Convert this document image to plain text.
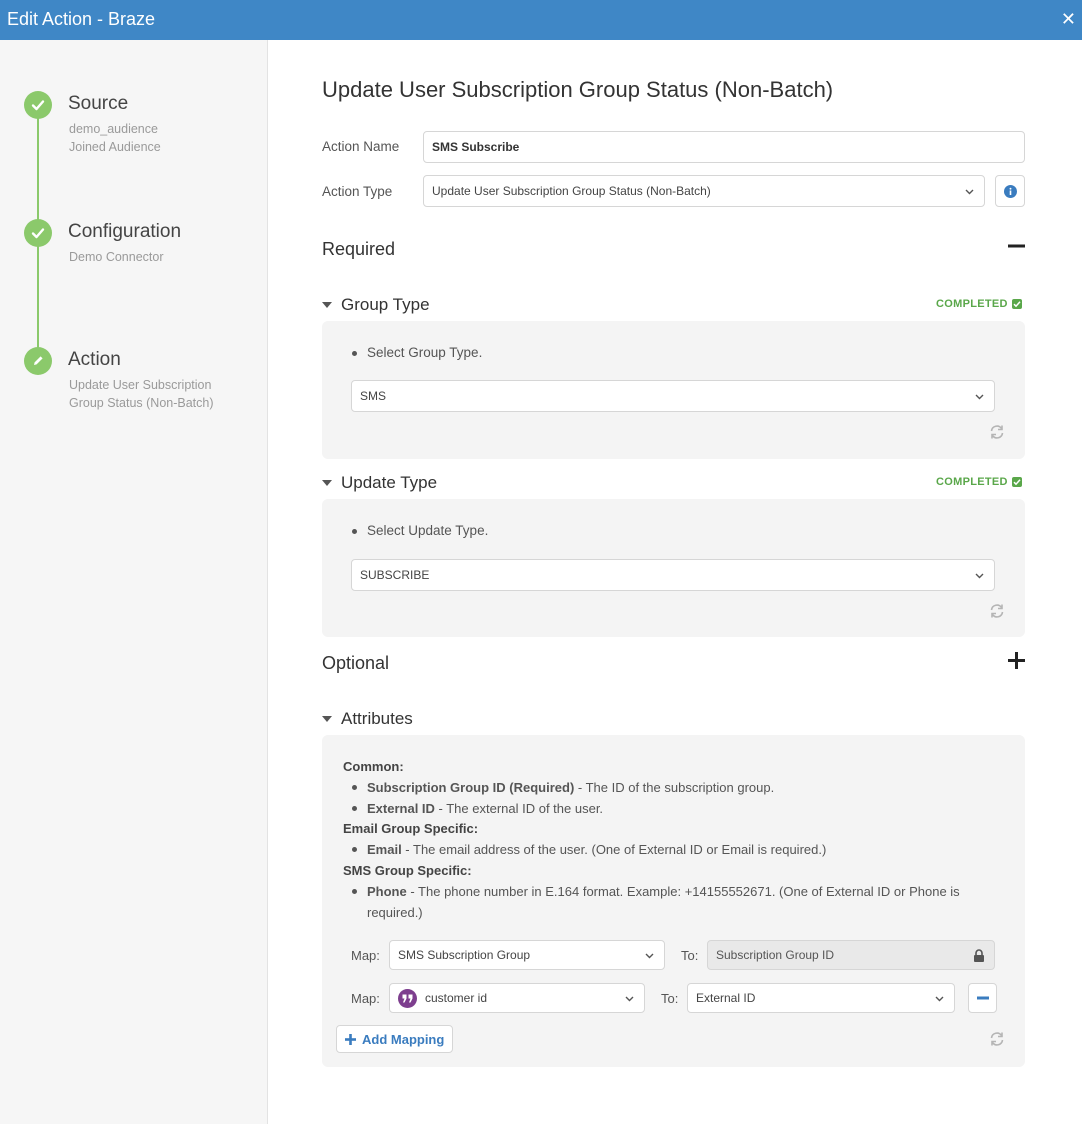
Edit Action - Braze	✕
Source
demo_audience
Joined Audience
Configuration
Demo Connector
Action
Update User Subscription
Group Status (Non-Batch)
Update User Subscription Group Status (Non-Batch)
Action Name	SMS Subscribe
Action Type	Update User Subscription Group Status (Non-Batch)
Required
Group Type	COMPLETED
Select Group Type.
SMS
Update Type	COMPLETED
Select Update Type.
SUBSCRIBE
Optional
Attributes
Common:
Subscription Group ID (Required) - The ID of the subscription group.
External ID - The external ID of the user.
Email Group Specific:
Email - The email address of the user. (One of External ID or Email is required.)
SMS Group Specific:
Phone - The phone number in E.164 format. Example: +14155552671. (One of External ID or Phone is
required.)
Map: SMS Subscription Group	To: Subscription Group ID
Map:	customer id	To: External ID
Add Mapping
